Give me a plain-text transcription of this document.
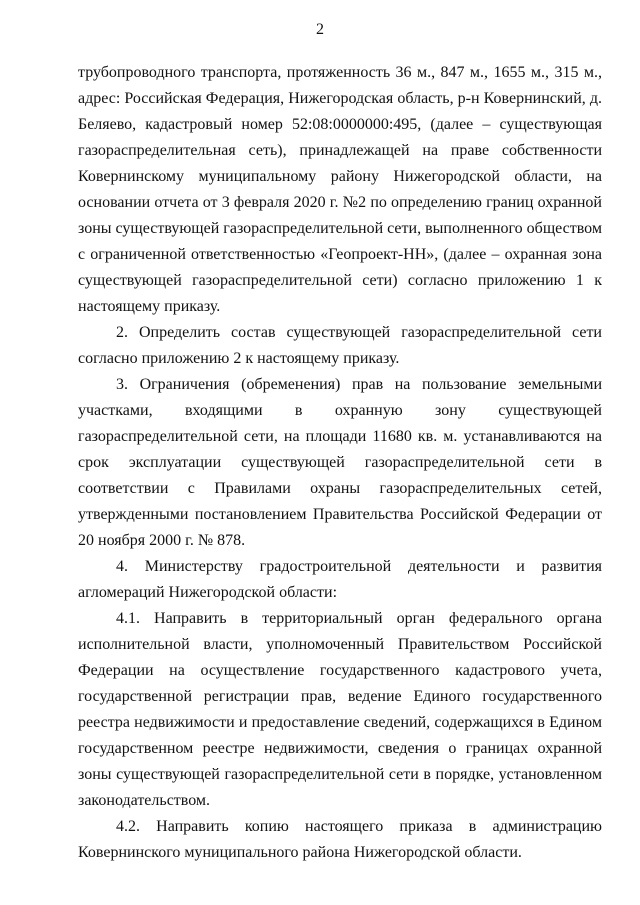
2

трубопроводного транспорта, протяженность 36 м., 847 м., 1655 м., 315 м., адрес: Российская Федерация, Нижегородская область, р-н Ковернинский, д. Беляево, кадастровый номер 52:08:0000000:495, (далее – существующая газораспределительная сеть), принадлежащей на праве собственности Ковернинскому муниципальному району Нижегородской области, на основании отчета от 3 февраля 2020 г. №2 по определению границ охранной зоны существующей газораспределительной сети, выполненного обществом с ограниченной ответственностью «Геопроект-НН», (далее – охранная зона существующей газораспределительной сети) согласно приложению 1 к настоящему приказу.

2. Определить состав существующей газораспределительной сети согласно приложению 2 к настоящему приказу.

3. Ограничения (обременения) прав на пользование земельными участками, входящими в охранную зону существующей газораспределительной сети, на площади 11680 кв. м. устанавливаются на срок эксплуатации существующей газораспределительной сети в соответствии с Правилами охраны газораспределительных сетей, утвержденными постановлением Правительства Российской Федерации от 20 ноября 2000 г. № 878.

4. Министерству градостроительной деятельности и развития агломераций Нижегородской области:

4.1. Направить в территориальный орган федерального органа исполнительной власти, уполномоченный Правительством Российской Федерации на осуществление государственного кадастрового учета, государственной регистрации прав, ведение Единого государственного реестра недвижимости и предоставление сведений, содержащихся в Едином государственном реестре недвижимости, сведения о границах охранной зоны существующей газораспределительной сети в порядке, установленном законодательством.

4.2. Направить копию настоящего приказа в администрацию Ковернинского муниципального района Нижегородской области.
